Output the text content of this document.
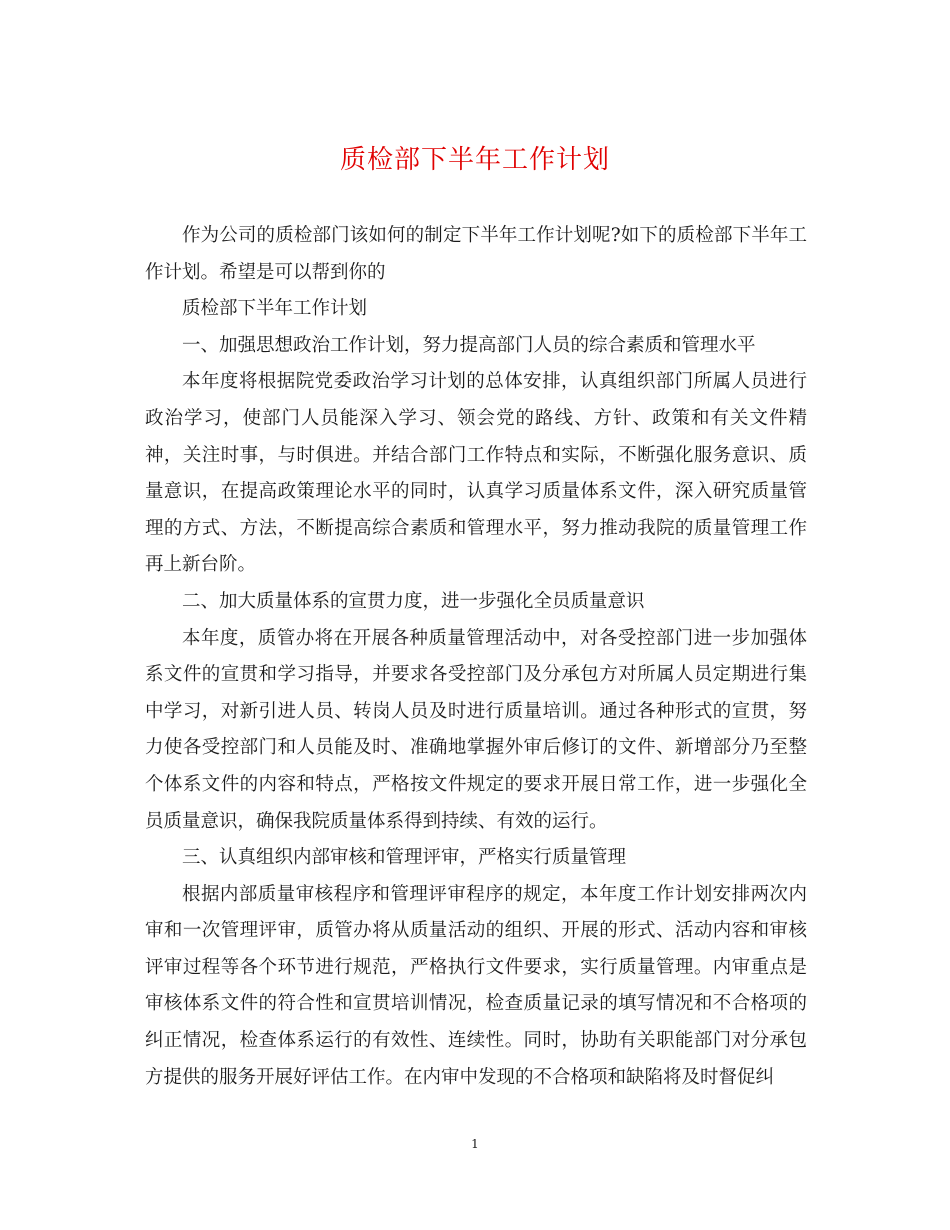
质检部下半年工作计划

作为公司的质检部门该如何的制定下半年工作计划呢?如下的质检部下半年工作计划。希望是可以帮到你的

质检部下半年工作计划

一、加强思想政治工作计划，努力提高部门人员的综合素质和管理水平

本年度将根据院党委政治学习计划的总体安排，认真组织部门所属人员进行政治学习，使部门人员能深入学习、领会党的路线、方针、政策和有关文件精神，关注时事，与时俱进。并结合部门工作特点和实际，不断强化服务意识、质量意识，在提高政策理论水平的同时，认真学习质量体系文件，深入研究质量管理的方式、方法，不断提高综合素质和管理水平，努力推动我院的质量管理工作再上新台阶。

二、加大质量体系的宣贯力度，进一步强化全员质量意识

本年度，质管办将在开展各种质量管理活动中，对各受控部门进一步加强体系文件的宣贯和学习指导，并要求各受控部门及分承包方对所属人员定期进行集中学习，对新引进人员、转岗人员及时进行质量培训。通过各种形式的宣贯，努力使各受控部门和人员能及时、准确地掌握外审后修订的文件、新增部分乃至整个体系文件的内容和特点，严格按文件规定的要求开展日常工作，进一步强化全员质量意识，确保我院质量体系得到持续、有效的运行。

三、认真组织内部审核和管理评审，严格实行质量管理

根据内部质量审核程序和管理评审程序的规定，本年度工作计划安排两次内审和一次管理评审，质管办将从质量活动的组织、开展的形式、活动内容和审核评审过程等各个环节进行规范，严格执行文件要求，实行质量管理。内审重点是审核体系文件的符合性和宣贯培训情况，检查质量记录的填写情况和不合格项的纠正情况，检查体系运行的有效性、连续性。同时，协助有关职能部门对分承包方提供的服务开展好评估工作。在内审中发现的不合格项和缺陷将及时督促纠

1
